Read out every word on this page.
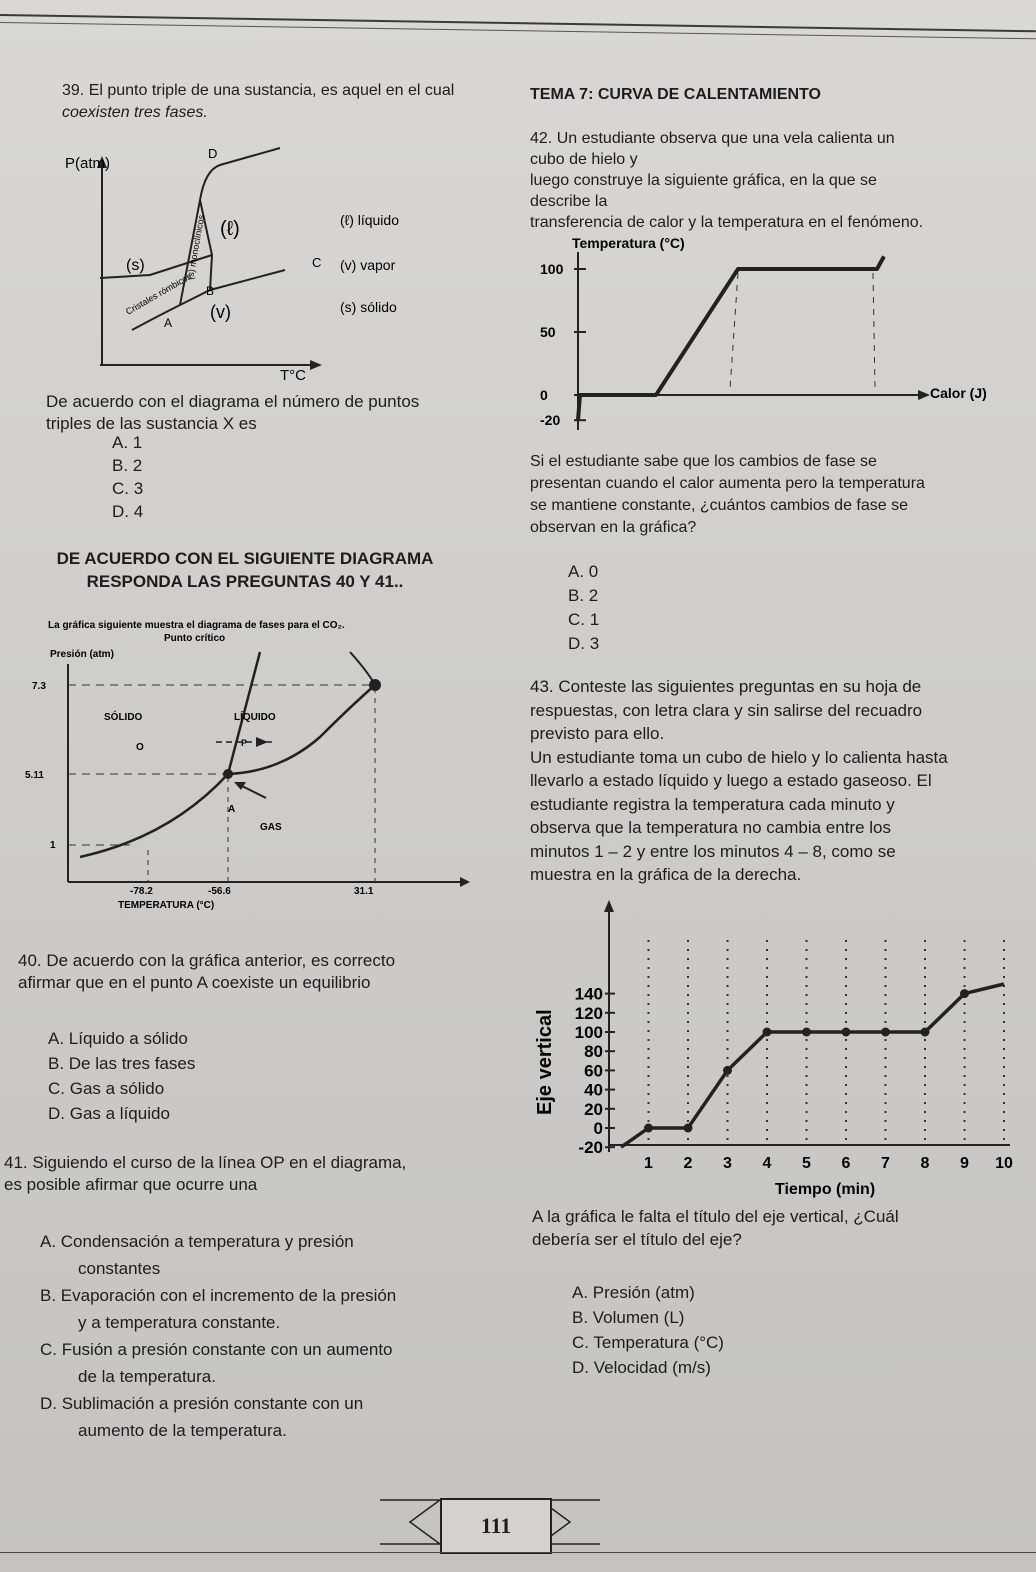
39. El punto triple de una sustancia, es aquel en el cual
coexisten tres fases.
P(atm)
T°C
D
C
B
A
(ℓ)
(s)
(v)
(s) monoclínicos
Cristales rómbicos
(ℓ) líquido
(v) vapor
(s) sólido
De acuerdo con el diagrama el número de puntos
triples de las sustancia X es
A. 1
B. 2
C. 3
D. 4
DE ACUERDO CON EL SIGUIENTE DIAGRAMA
RESPONDA LAS PREGUNTAS 40 Y 41..
La gráfica siguiente muestra el diagrama de fases para el CO₂.
Punto crítico
Presión (atm)
7.3
5.11
1
-78.2	-56.6	31.1
TEMPERATURA (°C)
SÓLIDO	LÍQUIDO
GAS
O	P
A
40. De acuerdo con la gráfica anterior, es correcto
afirmar que en el punto A coexiste un equilibrio
A. Líquido a sólido
B. De las tres fases
C. Gas a sólido
D. Gas a líquido
41. Siguiendo el curso de la línea OP en el diagrama,
es posible afirmar que ocurre una
A. Condensación a temperatura y presión
constantes
B. Evaporación con el incremento de la presión
y a temperatura constante.
C. Fusión a presión constante con un aumento
de la temperatura.
D. Sublimación a presión constante con un
aumento de la temperatura.
TEMA 7: CURVA DE CALENTAMIENTO
42. Un estudiante observa que una vela calienta un
cubo de hielo y
luego construye la siguiente gráfica, en la que se
describe la
transferencia de calor y la temperatura en el fenómeno.
Temperatura (°C)
Calor (J)
100
50
0
-20
Si el estudiante sabe que los cambios de fase se
presentan cuando el calor aumenta pero la temperatura
se mantiene constante, ¿cuántos cambios de fase se
observan en la gráfica?
A. 0
B. 2
C. 1
D. 3
43. Conteste las siguientes preguntas en su hoja de
respuestas, con letra clara y sin salirse del recuadro
previsto para ello.
Un estudiante toma un cubo de hielo y lo calienta hasta
llevarlo a estado líquido y luego a estado gaseoso. El
estudiante registra la temperatura cada minuto y
observa que la temperatura no cambia entre los
minutos 1 – 2 y entre los minutos 4 – 8, como se
muestra en la gráfica de la derecha.
Eje vertical
Tiempo (min)
140
120
100
80
60
40
20
0
-20
1 2 3 4 5 6 7 8 9 10
A la gráfica le falta el título del eje vertical, ¿Cuál
debería ser el título del eje?
A. Presión (atm)
B. Volumen (L)
C. Temperatura (°C)
D. Velocidad (m/s)
111
